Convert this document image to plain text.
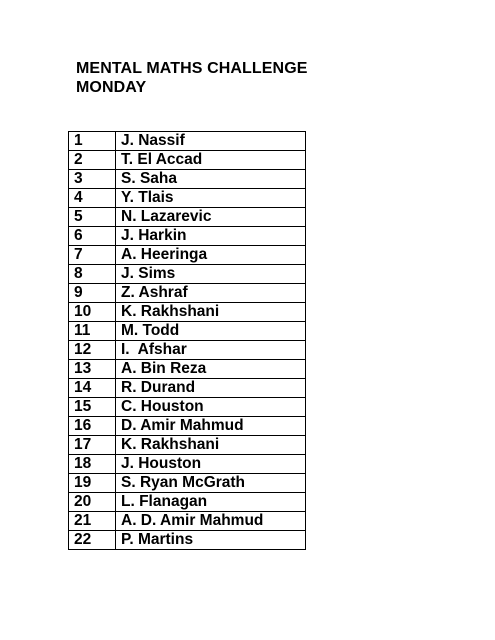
MENTAL MATHS CHALLENGE
MONDAY
1	J. Nassif
2	T. El Accad
3	S. Saha
4	Y. Tlais
5	N. Lazarevic
6	J. Harkin
7	A. Heeringa
8	J. Sims
9	Z. Ashraf
10	K. Rakhshani
11	M. Todd
12	I.  Afshar
13	A. Bin Reza
14	R. Durand
15	C. Houston
16	D. Amir Mahmud
17	K. Rakhshani
18	J. Houston
19	S. Ryan McGrath
20	L. Flanagan
21	A. D. Amir Mahmud
22	P. Martins
